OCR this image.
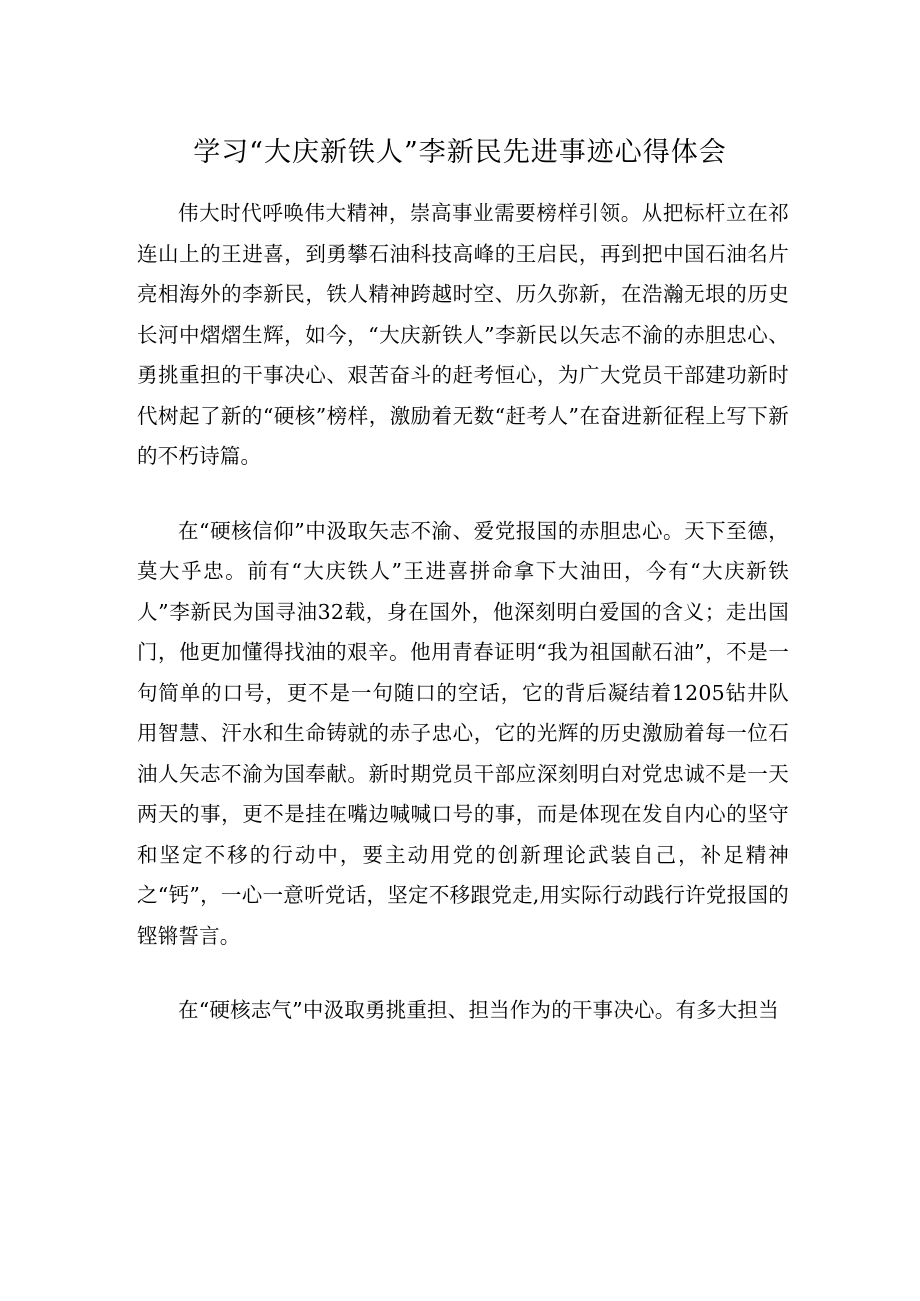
学习“大庆新铁人”李新民先进事迹心得体会

伟大时代呼唤伟大精神，崇高事业需要榜样引领。从把标杆立在祁连山上的王进喜，到勇攀石油科技高峰的王启民，再到把中国石油名片亮相海外的李新民，铁人精神跨越时空、历久弥新，在浩瀚无垠的历史长河中熠熠生辉，如今，“大庆新铁人”李新民以矢志不渝的赤胆忠心、勇挑重担的干事决心、艰苦奋斗的赶考恒心，为广大党员干部建功新时代树起了新的“硬核”榜样，激励着无数“赶考人”在奋进新征程上写下新的不朽诗篇。

在“硬核信仰”中汲取矢志不渝、爱党报国的赤胆忠心。天下至德，莫大乎忠。前有“大庆铁人”王进喜拼命拿下大油田，今有“大庆新铁人”李新民为国寻油32载，身在国外，他深刻明白爱国的含义；走出国门，他更加懂得找油的艰辛。他用青春证明“我为祖国献石油”，不是一句简单的口号，更不是一句随口的空话，它的背后凝结着1205钻井队用智慧、汗水和生命铸就的赤子忠心，它的光辉的历史激励着每一位石油人矢志不渝为国奉献。新时期党员干部应深刻明白对党忠诚不是一天两天的事，更不是挂在嘴边喊喊口号的事，而是体现在发自内心的坚守和坚定不移的行动中，要主动用党的创新理论武装自己，补足精神之“钙”，一心一意听党话，坚定不移跟党走,用实际行动践行许党报国的铿锵誓言。

在“硬核志气”中汲取勇挑重担、担当作为的干事决心。有多大担当
